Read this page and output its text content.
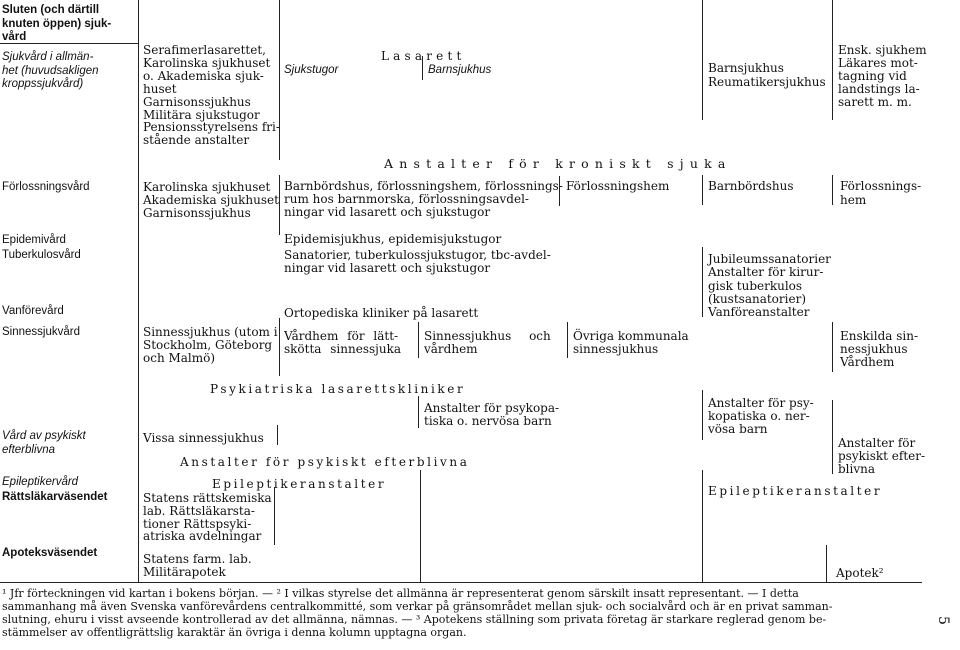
Sluten (och därtill
knuten öppen) sjuk-
vård
Sjukvård i allmän-
het (huvudsakligen
kroppssjukvård)
Förlossningsvård
Epidemivård
Tuberkulosvård
Vanförevård
Sinnessjukvård
Vård av psykiskt
efterblivna
Epileptikervård
Rättsläkarväsendet
Apoteksväsendet
Serafimerlasarettet,
Karolinska sjukhuset
o. Akademiska sjuk-
huset
Garnisonssjukhus
Militära sjukstugor
Pensionsstyrelsens fri-
stående anstalter
Karolinska sjukhuset
Akademiska sjukhuset
Garnisonssjukhus
Sinnessjukhus (utom i
Stockholm, Göteborg
och Malmö)
Vissa sinnessjukhus
Statens rättskemiska
lab. Rättsläkarsta-
tioner Rättspsyki-
atriska avdelningar
Statens farm. lab.
Militärapotek
Lasarett
Sjukstugor	Barnsjukhus
Anstalter för kroniskt sjuka
Barnbördshus, förlossningshem, förlossnings-
rum hos barnmorska, förlossningsavdel-
ningar vid lasarett och sjukstugor
Förlossningshem
Epidemisjukhus, epidemisjukstugor
Sanatorier, tuberkulossjukstugor, tbc-avdel-
ningar vid lasarett och sjukstugor
Ortopediska kliniker på lasarett
Vårdhem för lätt-
skötta sinnessjuka
Sinnessjukhus och
vårdhem
Övriga kommunala
sinnessjukhus
Psykiatriska lasarettskliniker
Anstalter för psykopa-
tiska o. nervösa barn
Anstalter för psykiskt efterblivna
Epileptikeranstalter
Barnsjukhus
Reumatikersjukhus
Barnbördshus
Jubileumssanatorier
Anstalter för kirur-
gisk tuberkulos
(kustsanatorier)
Vanföreanstalter
Anstalter för psy-
kopatiska o. ner-
vösa barn
Epileptikeranstalter
Ensk. sjukhem
Läkares mot-
tagning vid
landstings la-
sarett m. m.
Förlossnings-
hem
Enskilda sin-
nessjukhus
Vårdhem
Anstalter för
psykiskt efter-
blivna
Apotek²
¹ Jfr förteckningen vid kartan i bokens början. — ² I vilkas styrelse det allmänna är representerat genom särskilt insatt representant. — I detta
sammanhang må även Svenska vanförevårdens centralkommitté, som verkar på gränsområdet mellan sjuk- och socialvård och är en privat samman-
slutning, ehuru i visst avseende kontrollerad av det allmänna, nämnas. — ³ Apotekens ställning som privata företag är starkare reglerad genom be-
stämmelser av offentligrättslig karaktär än övriga i denna kolumn upptagna organ.
5
